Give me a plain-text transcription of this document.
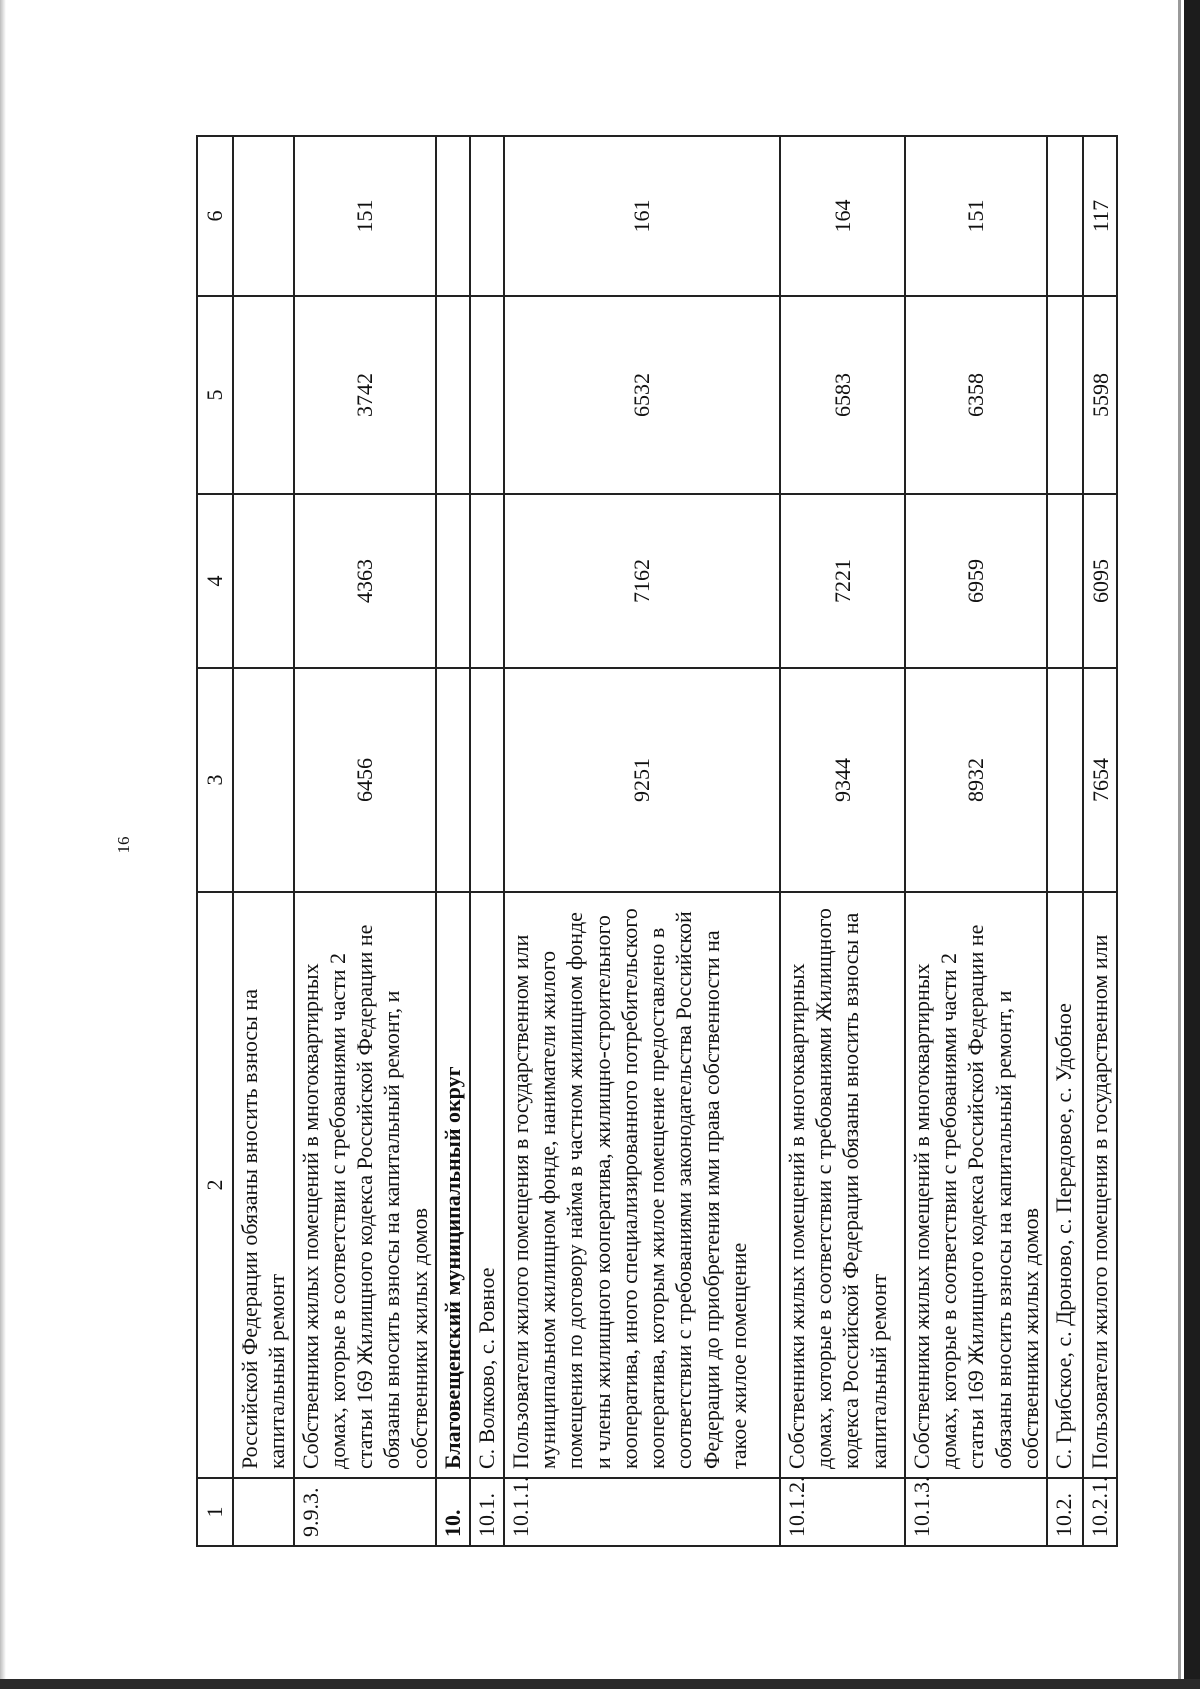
16
1	2	3	4	5	6
	Российской Федерации обязаны вносить взносы на капитальный ремонт				
9.9.3.	Собственники жилых помещений в многоквартирных домах, которые в соответствии с требованиями части 2 статьи 169 Жилищного кодекса Российской Федерации не обязаны вносить взносы на капитальный ремонт, и собственники жилых домов	6456	4363	3742	151
10.	Благовещенский муниципальный округ				
10.1.	С. Волково, с. Ровное				
10.1.1.	Пользователи жилого помещения в государственном или муниципальном жилищном фонде, наниматели жилого помещения по договору найма в частном жилищном фонде и члены жилищного кооператива, жилищно-строительного кооператива, иного специализированного потребительского кооператива, которым жилое помещение предоставлено в соответствии с требованиями законодательства Российской Федерации до приобретения ими права собственности на такое жилое помещение	9251	7162	6532	161
10.1.2.	Собственники жилых помещений в многоквартирных домах, которые в соответствии с требованиями Жилищного кодекса Российской Федерации обязаны вносить взносы на капитальный ремонт	9344	7221	6583	164
10.1.3.	Собственники жилых помещений в многоквартирных домах, которые в соответствии с требованиями части 2 статьи 169 Жилищного кодекса Российской Федерации не обязаны вносить взносы на капитальный ремонт, и собственники жилых домов	8932	6959	6358	151
10.2.	С. Грибское, с. Дроново, с. Передовое, с. Удобное				
10.2.1.	Пользователи жилого помещения в государственном или	7654	6095	5598	117
